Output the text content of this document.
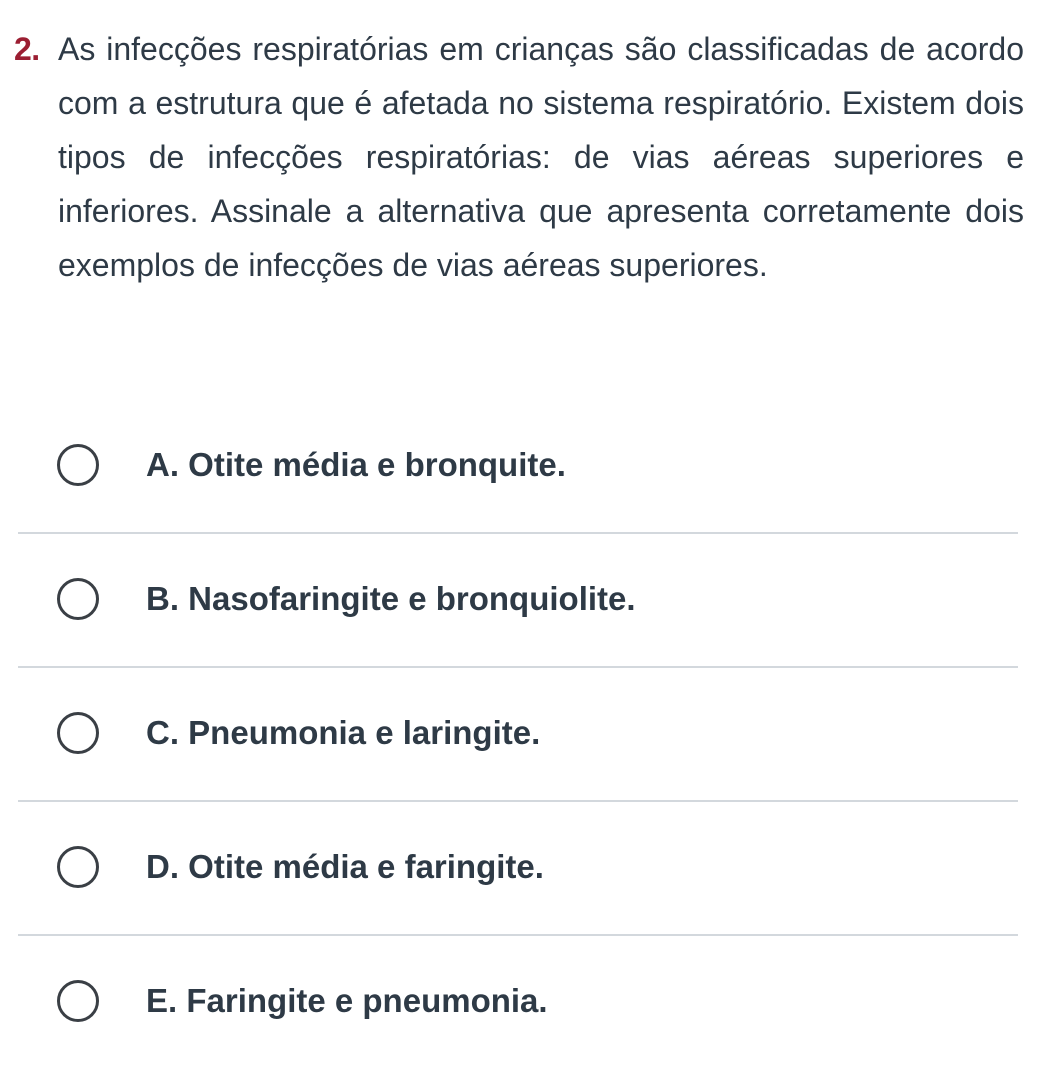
2. As infecções respiratórias em crianças são classificadas de acordo com a estrutura que é afetada no sistema respiratório. Existem dois tipos de infecções respiratórias: de vias aéreas superiores e inferiores. Assinale a alternativa que apresenta corretamente dois exemplos de infecções de vias aéreas superiores.

A. Otite média e bronquite.
B. Nasofaringite e bronquiolite.
C. Pneumonia e laringite.
D. Otite média e faringite.
E. Faringite e pneumonia.
